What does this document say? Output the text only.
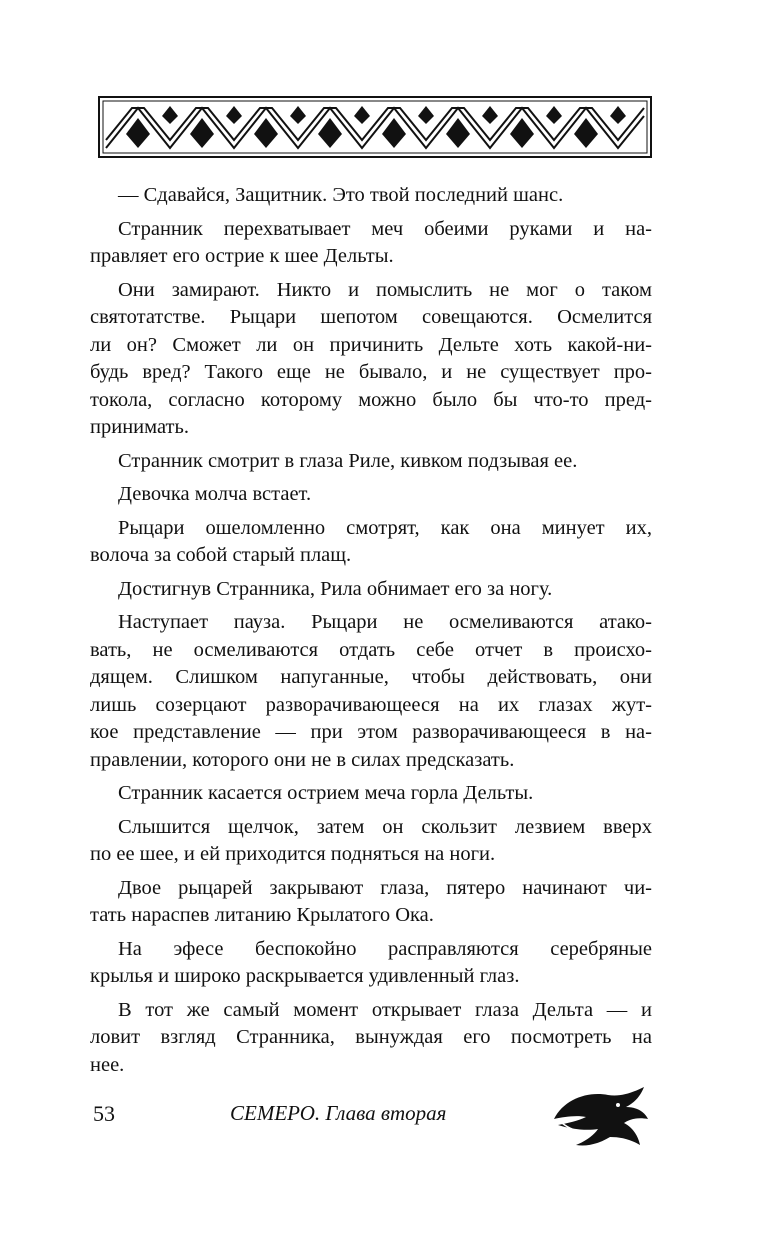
— Сдавайся, Защитник. Это твой последний шанс.
Странник перехватывает меч обеими руками и на-
правляет его острие к шее Дельты.
Они замирают. Никто и помыслить не мог о таком
святотатстве. Рыцари шепотом совещаются. Осмелится
ли он? Сможет ли он причинить Дельте хоть какой-ни-
будь вред? Такого еще не бывало, и не существует про-
токола, согласно которому можно было бы что-то пред-
принимать.
Странник смотрит в глаза Риле, кивком подзывая ее.
Девочка молча встает.
Рыцари ошеломленно смотрят, как она минует их,
волоча за собой старый плащ.
Достигнув Странника, Рила обнимает его за ногу.
Наступает пауза. Рыцари не осмеливаются атако-
вать, не осмеливаются отдать себе отчет в происхо-
дящем. Слишком напуганные, чтобы действовать, они
лишь созерцают разворачивающееся на их глазах жут-
кое представление — при этом разворачивающееся в на-
правлении, которого они не в силах предсказать.
Странник касается острием меча горла Дельты.
Слышится щелчок, затем он скользит лезвием вверх
по ее шее, и ей приходится подняться на ноги.
Двое рыцарей закрывают глаза, пятеро начинают чи-
тать нараспев литанию Крылатого Ока.
На эфесе беспокойно расправляются серебряные
крылья и широко раскрывается удивленный глаз.
В тот же самый момент открывает глаза Дельта — и
ловит взгляд Странника, вынуждая его посмотреть на
нее.
53	СЕМЕРО. Глава вторая
